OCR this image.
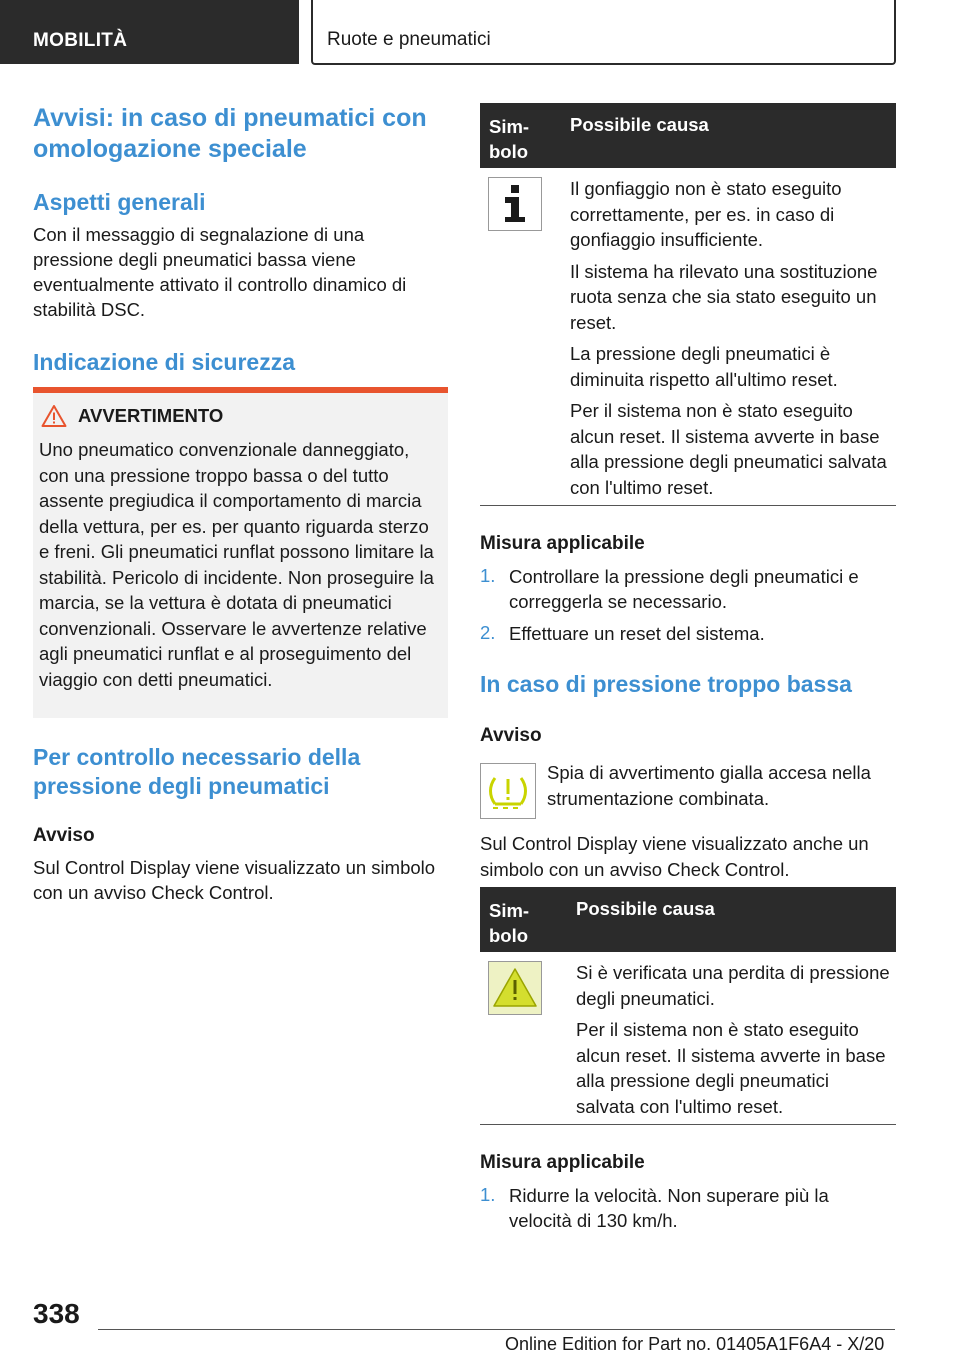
MOBILITÀ	Ruote e pneumatici
Avvisi: in caso di pneumatici con omologazione speciale
Aspetti generali
Con il messaggio di segnalazione di una pressione degli pneumatici bassa viene eventualmente attivato il controllo dinamico di stabilità DSC.
Indicazione di sicurezza
AVVERTIMENTO
Uno pneumatico convenzionale danneggiato, con una pressione troppo bassa o del tutto assente pregiudica il comportamento di marcia della vettura, per es. per quanto riguarda sterzo e freni. Gli pneumatici runflat possono limitare la stabilità. Pericolo di incidente. Non proseguire la marcia, se la vettura è dotata di pneumatici convenzionali. Osservare le avvertenze relative agli pneumatici runflat e al proseguimento del viaggio con detti pneumatici.
Per controllo necessario della pressione degli pneumatici
Avviso
Sul Control Display viene visualizzato un simbolo con un avviso Check Control.
Sim-bolo
Possibile causa

Il gonfiaggio non è stato eseguito correttamente, per es. in caso di gonfiaggio insufficiente.

Il sistema ha rilevato una sostituzione ruota senza che sia stato eseguito un reset.

La pressione degli pneumatici è diminuita rispetto all'ultimo reset.

Per il sistema non è stato eseguito alcun reset. Il sistema avverte in base alla pressione degli pneumatici salvata con l'ultimo reset.

Misura applicabile
1. Controllare la pressione degli pneumatici e correggerla se necessario.
2. Effettuare un reset del sistema.
In caso di pressione troppo bassa
Avviso
Spia di avvertimento gialla accesa nella strumentazione combinata.
Sul Control Display viene visualizzato anche un simbolo con un avviso Check Control.
Sim-bolo
Possibile causa

Si è verificata una perdita di pressione degli pneumatici.

Per il sistema non è stato eseguito alcun reset. Il sistema avverte in base alla pressione degli pneumatici salvata con l'ultimo reset.

Misura applicabile
1. Ridurre la velocità. Non superare più la velocità di 130 km/h.
338
Online Edition for Part no. 01405A1F6A4 - X/20
